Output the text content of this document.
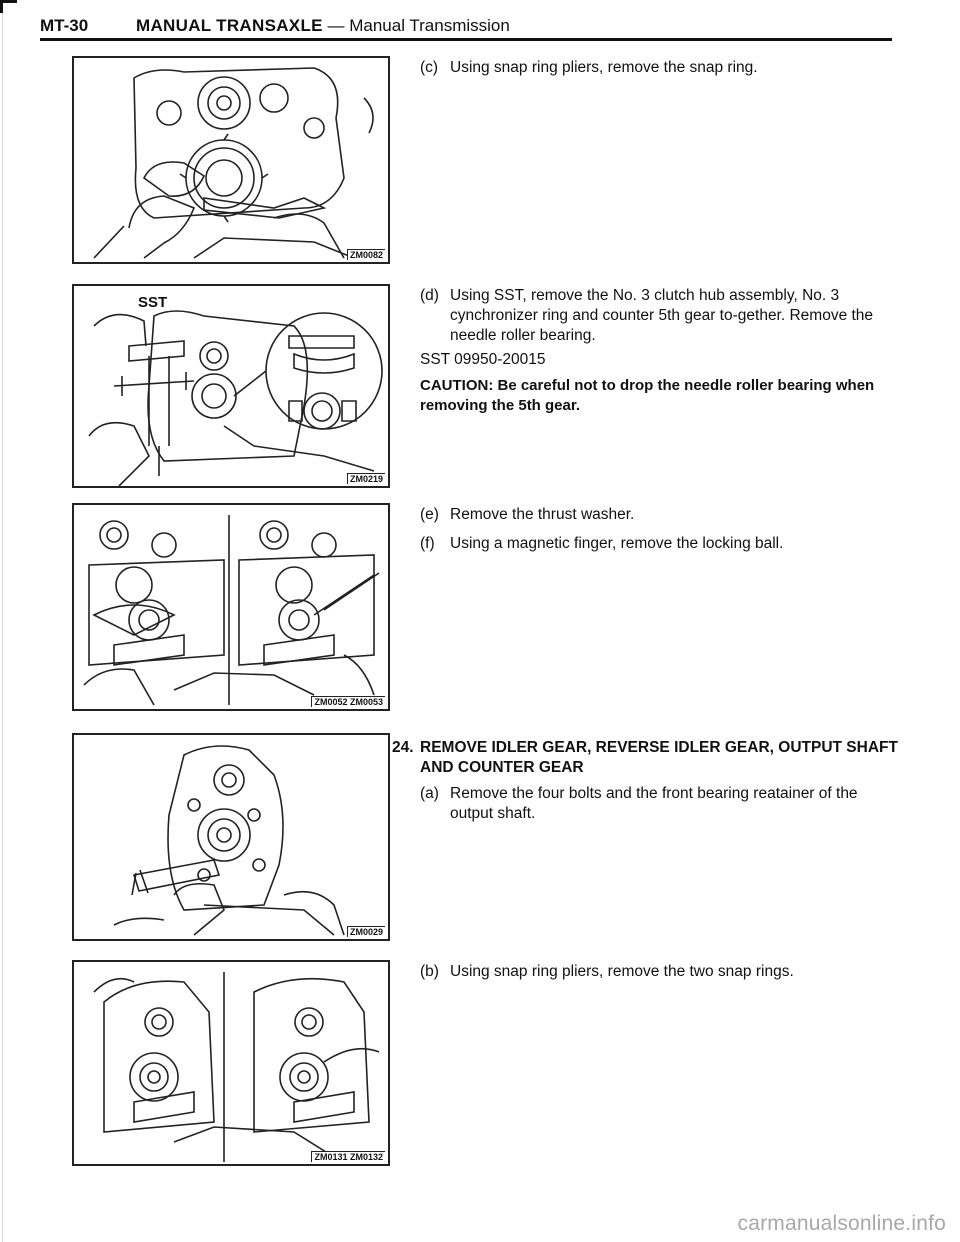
MT-30	MANUAL TRANSAXLE — Manual Transmission
ZM0082
SST
ZM0219
ZM0052 ZM0053
ZM0029
ZM0131 ZM0132
(c) Using snap ring pliers, remove the snap ring.
(d) Using SST, remove the No. 3 clutch hub assembly, No. 3 cynchronizer ring and counter 5th gear to-gether. Remove the needle roller bearing.
SST 09950-20015
CAUTION: Be careful not to drop the needle roller bearing when removing the 5th gear.
(e) Remove the thrust washer.
(f) Using a magnetic finger, remove the locking ball.
24. REMOVE IDLER GEAR, REVERSE IDLER GEAR, OUTPUT SHAFT AND COUNTER GEAR
(a) Remove the four bolts and the front bearing reatainer of the output shaft.
(b) Using snap ring pliers, remove the two snap rings.
carmanualsonline.info
